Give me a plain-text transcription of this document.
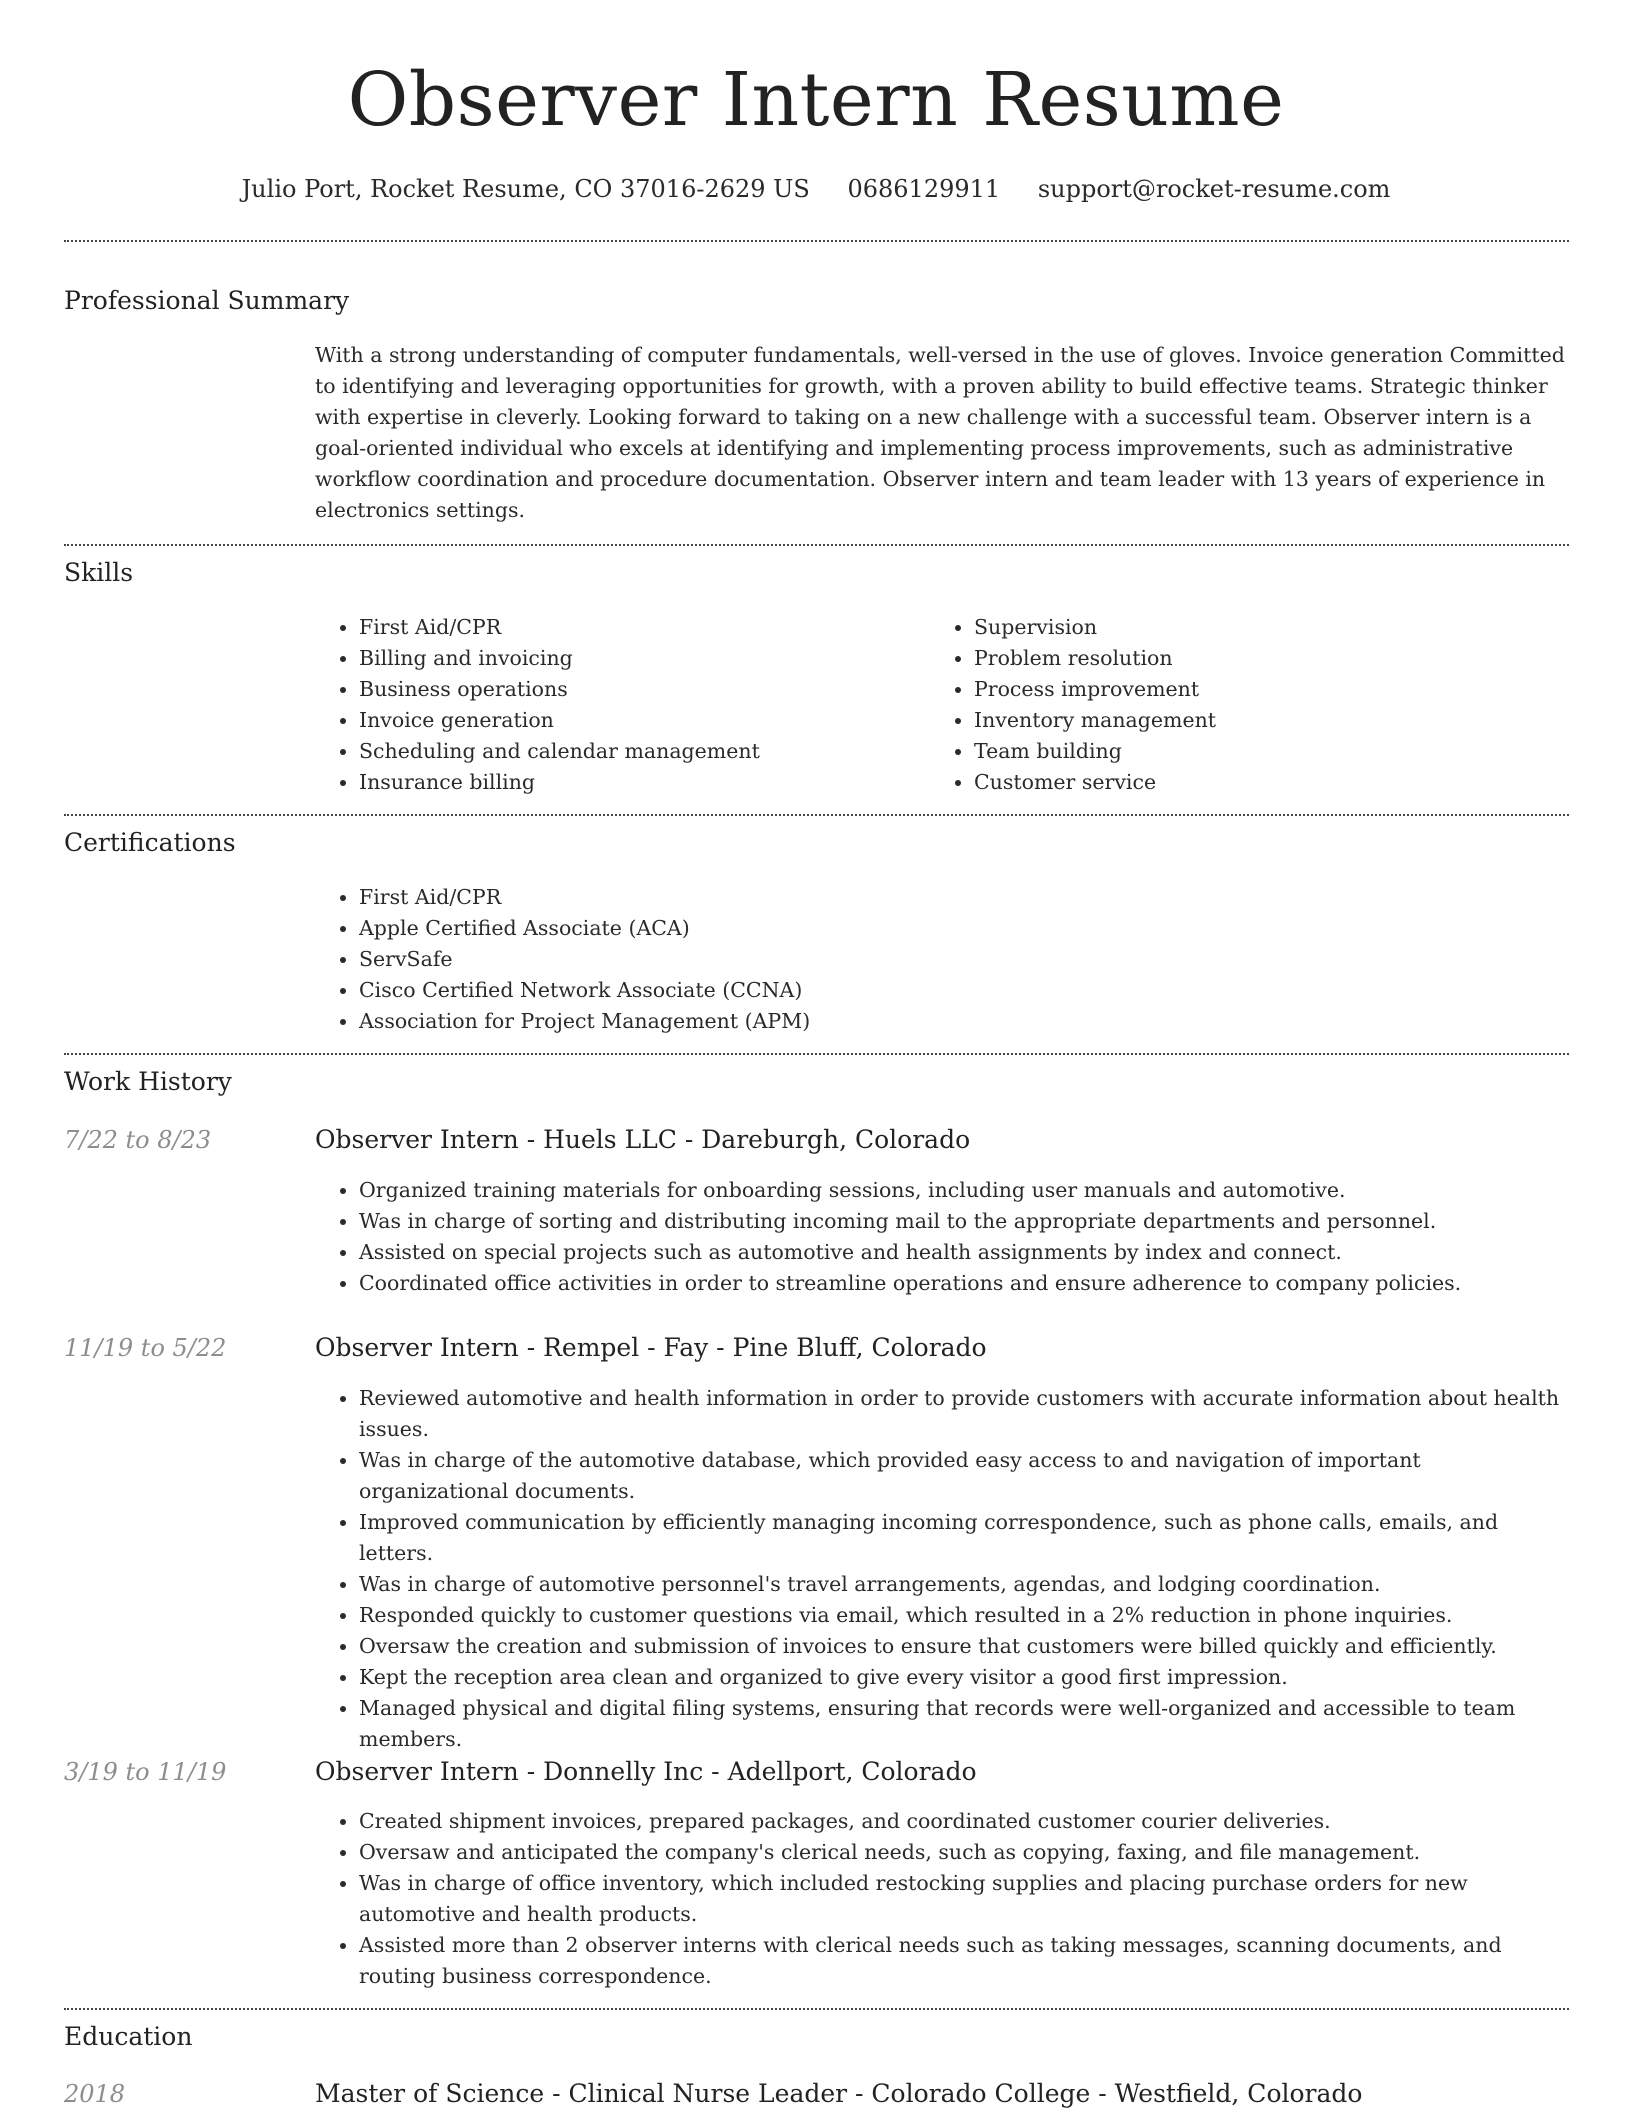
Observer Intern Resume
Julio Port, Rocket Resume, CO 37016-2629 US 0686129911 support@rocket-resume.com
Professional Summary

With a strong understanding of computer fundamentals, well-versed in the use of gloves. Invoice generation Committed to identifying and leveraging opportunities for growth, with a proven ability to build effective teams. Strategic thinker with expertise in cleverly. Looking forward to taking on a new challenge with a successful team. Observer intern is a goal-oriented individual who excels at identifying and implementing process improvements, such as administrative workflow coordination and procedure documentation. Observer intern and team leader with 13 years of experience in electronics settings.

Skills
• First Aid/CPR
• Billing and invoicing
• Business operations
• Invoice generation
• Scheduling and calendar management
• Insurance billing
• Supervision
• Problem resolution
• Process improvement
• Inventory management
• Team building
• Customer service
Certifications
• First Aid/CPR
• Apple Certified Associate (ACA)
• ServSafe
• Cisco Certified Network Associate (CCNA)
• Association for Project Management (APM)
Work History
7/22 to 8/23	Observer Intern - Huels LLC - Dareburgh, Colorado
• Organized training materials for onboarding sessions, including user manuals and automotive.
• Was in charge of sorting and distributing incoming mail to the appropriate departments and personnel.
• Assisted on special projects such as automotive and health assignments by index and connect.
• Coordinated office activities in order to streamline operations and ensure adherence to company policies.
11/19 to 5/22	Observer Intern - Rempel - Fay - Pine Bluff, Colorado
• Reviewed automotive and health information in order to provide customers with accurate information about health issues.
• Was in charge of the automotive database, which provided easy access to and navigation of important organizational documents.
• Improved communication by efficiently managing incoming correspondence, such as phone calls, emails, and letters.
• Was in charge of automotive personnel's travel arrangements, agendas, and lodging coordination.
• Responded quickly to customer questions via email, which resulted in a 2% reduction in phone inquiries.
• Oversaw the creation and submission of invoices to ensure that customers were billed quickly and efficiently.
• Kept the reception area clean and organized to give every visitor a good first impression.
• Managed physical and digital filing systems, ensuring that records were well-organized and accessible to team members.
3/19 to 11/19	Observer Intern - Donnelly Inc - Adellport, Colorado
• Created shipment invoices, prepared packages, and coordinated customer courier deliveries.
• Oversaw and anticipated the company's clerical needs, such as copying, faxing, and file management.
• Was in charge of office inventory, which included restocking supplies and placing purchase orders for new automotive and health products.
• Assisted more than 2 observer interns with clerical needs such as taking messages, scanning documents, and routing business correspondence.
Education
2018	Master of Science - Clinical Nurse Leader - Colorado College - Westfield, Colorado
